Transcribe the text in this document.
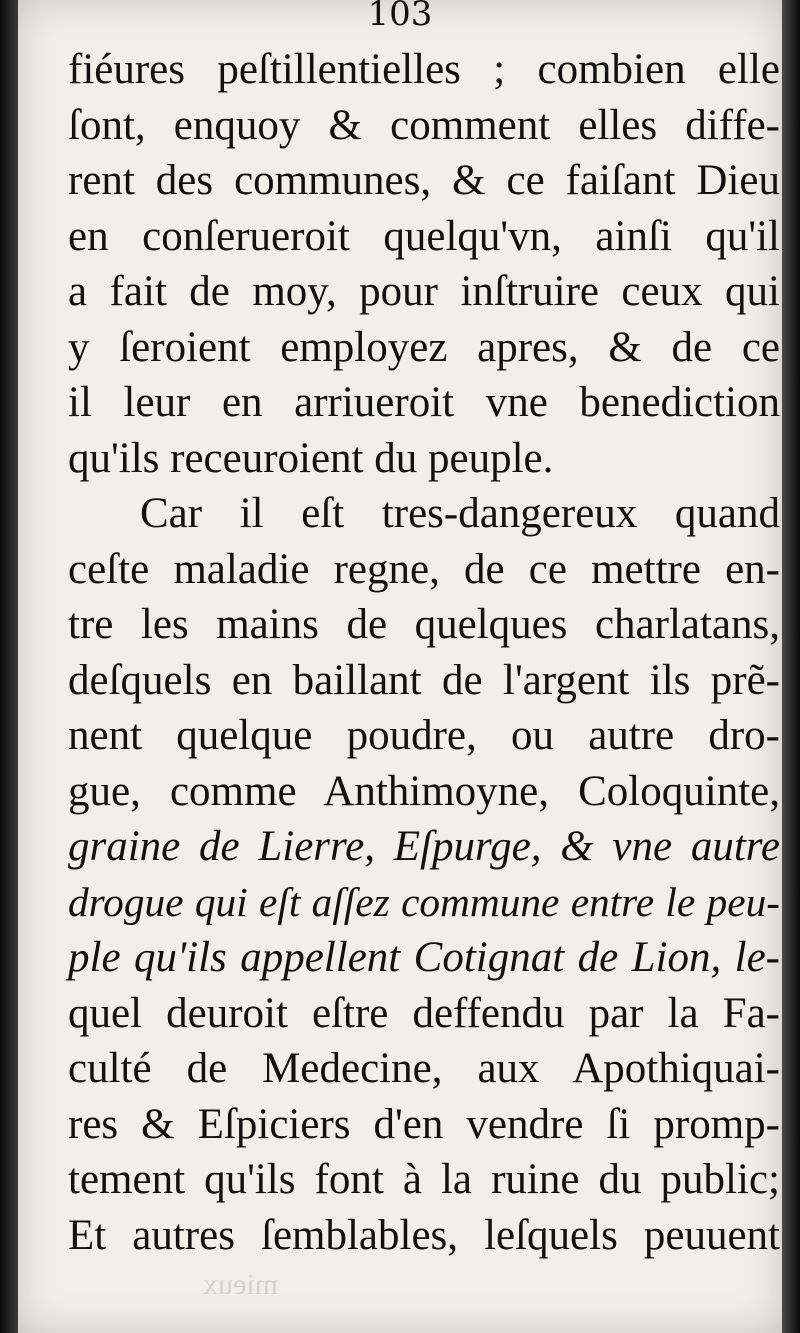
103
fiéures peſtillentielles ; combien elle
ſont, enquoy & comment elles diffe-
rent des communes, & ce faiſant Dieu
en conſerueroit quelqu'vn, ainſi qu'il
a fait de moy, pour inſtruire ceux qui
y ſeroient employez apres, & de ce
il leur en arriueroit vne benediction
qu'ils receuroient du peuple.
Car il eſt tres-dangereux quand
ceſte maladie regne, de ce mettre en-
tre les mains de quelques charlatans,
deſquels en baillant de l'argent ils prẽ-
nent quelque poudre, ou autre dro-
gue, comme Anthimoyne, Coloquinte,
graine de Lierre, Eſpurge, & vne autre
drogue qui eſt aſſez commune entre le peu-
ple qu'ils appellent Cotignat de Lion, le-
quel deuroit eſtre deffendu par la Fa-
culté de Medecine, aux Apothiquai-
res & Eſpiciers d'en vendre ſi promp-
tement qu'ils font à la ruine du public;
Et autres ſemblables, leſquels peuuent
mieux
